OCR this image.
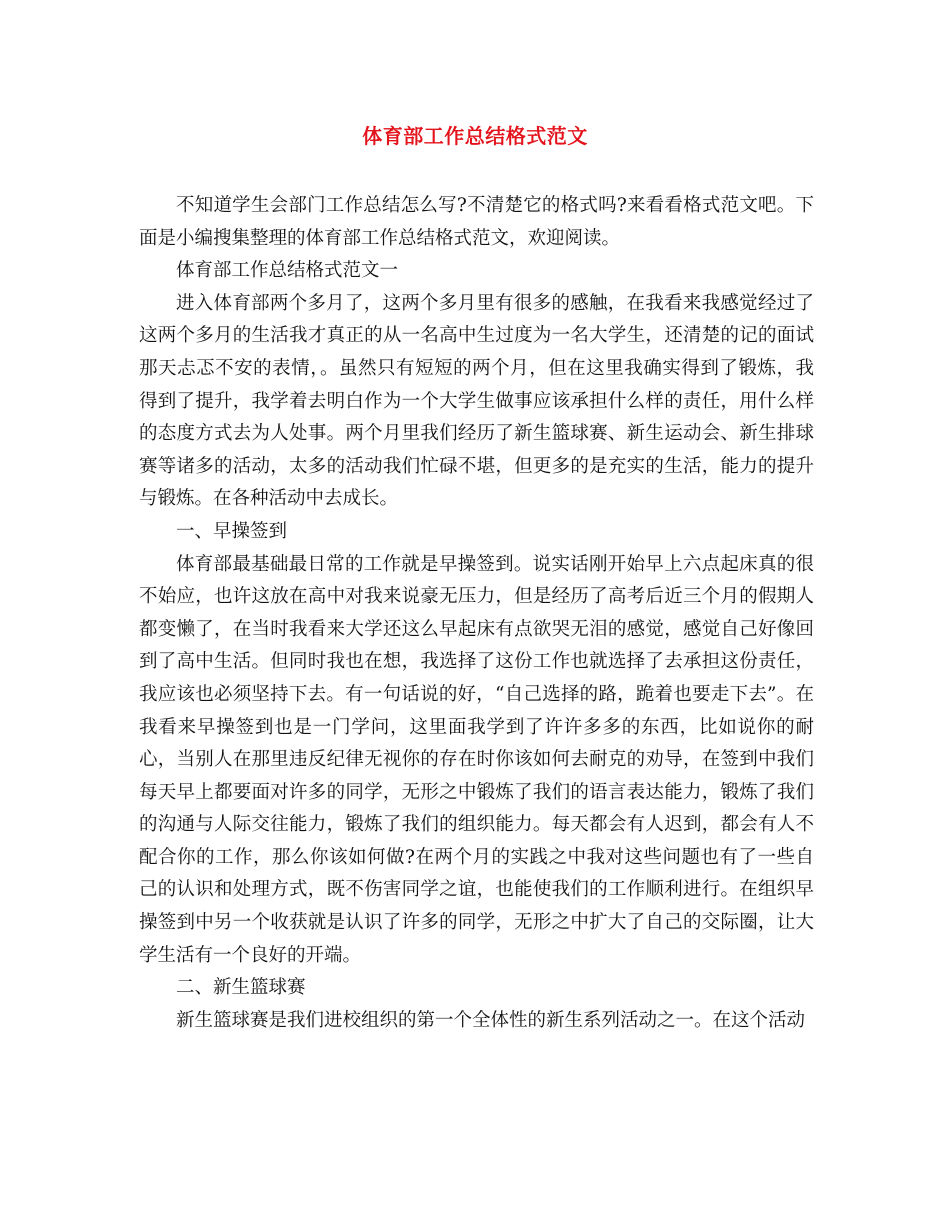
体育部工作总结格式范文

不知道学生会部门工作总结怎么写?不清楚它的格式吗?来看看格式范文吧。下面是小编搜集整理的体育部工作总结格式范文，欢迎阅读。

体育部工作总结格式范文一

进入体育部两个多月了，这两个多月里有很多的感触，在我看来我感觉经过了这两个多月的生活我才真正的从一名高中生过度为一名大学生，还清楚的记的面试那天忐忑不安的表情，。虽然只有短短的两个月，但在这里我确实得到了锻炼，我得到了提升，我学着去明白作为一个大学生做事应该承担什么样的责任，用什么样的态度方式去为人处事。两个月里我们经历了新生篮球赛、新生运动会、新生排球赛等诸多的活动，太多的活动我们忙碌不堪，但更多的是充实的生活，能力的提升与锻炼。在各种活动中去成长。

一、早操签到

体育部最基础最日常的工作就是早操签到。说实话刚开始早上六点起床真的很不始应，也许这放在高中对我来说豪无压力，但是经历了高考后近三个月的假期人都变懒了，在当时我看来大学还这么早起床有点欲哭无泪的感觉，感觉自己好像回到了高中生活。但同时我也在想，我选择了这份工作也就选择了去承担这份责任，我应该也必须坚持下去。有一句话说的好，“自己选择的路，跪着也要走下去”。在我看来早操签到也是一门学问，这里面我学到了许许多多的东西，比如说你的耐心，当别人在那里违反纪律无视你的存在时你该如何去耐克的劝导，在签到中我们每天早上都要面对许多的同学，无形之中锻炼了我们的语言表达能力，锻炼了我们的沟通与人际交往能力，锻炼了我们的组织能力。每天都会有人迟到，都会有人不配合你的工作，那么你该如何做?在两个月的实践之中我对这些问题也有了一些自己的认识和处理方式，既不伤害同学之谊，也能使我们的工作顺利进行。在组织早操签到中另一个收获就是认识了许多的同学，无形之中扩大了自己的交际圈，让大学生活有一个良好的开端。

二、新生篮球赛

新生篮球赛是我们进校组织的第一个全体性的新生系列活动之一。在这个活动
